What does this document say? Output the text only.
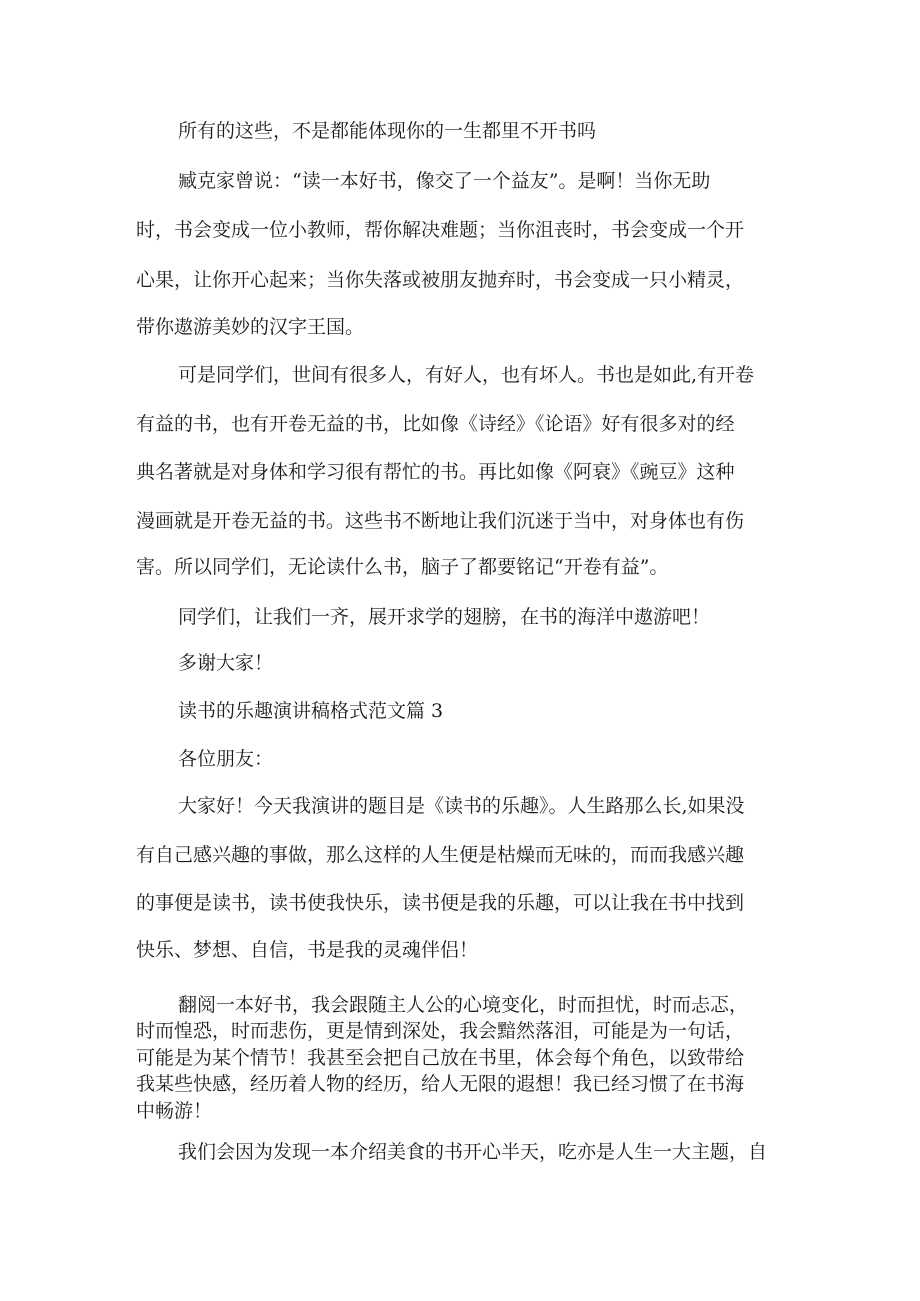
所有的这些，不是都能体现你的一生都里不开书吗
臧克家曾说：“读一本好书，像交了一个益友”。是啊！当你无助
时，书会变成一位小教师，帮你解决难题；当你沮丧时，书会变成一个开
心果，让你开心起来；当你失落或被朋友抛弃时，书会变成一只小精灵，
带你遨游美妙的汉字王国。
可是同学们，世间有很多人，有好人，也有坏人。书也是如此,有开卷
有益的书，也有开卷无益的书，比如像《诗经》《论语》好有很多对的经
典名著就是对身体和学习很有帮忙的书。再比如像《阿衰》《豌豆》这种
漫画就是开卷无益的书。这些书不断地让我们沉迷于当中，对身体也有伤
害。所以同学们，无论读什么书，脑子了都要铭记“开卷有益”。
同学们，让我们一齐，展开求学的翅膀，在书的海洋中遨游吧！
多谢大家！
读书的乐趣演讲稿格式范文篇 3
各位朋友：
大家好！今天我演讲的题目是《读书的乐趣》。人生路那么长,如果没
有自己感兴趣的事做，那么这样的人生便是枯燥而无味的，而而我感兴趣
的事便是读书，读书使我快乐，读书便是我的乐趣，可以让我在书中找到
快乐、梦想、自信，书是我的灵魂伴侣！
翻阅一本好书，我会跟随主人公的心境变化，时而担忧，时而忐忑，
时而惶恐，时而悲伤，更是情到深处，我会黯然落泪，可能是为一句话，
可能是为某个情节！我甚至会把自己放在书里，体会每个角色，以致带给
我某些快感，经历着人物的经历，给人无限的遐想！我已经习惯了在书海
中畅游！
我们会因为发现一本介绍美食的书开心半天，吃亦是人生一大主题，自
